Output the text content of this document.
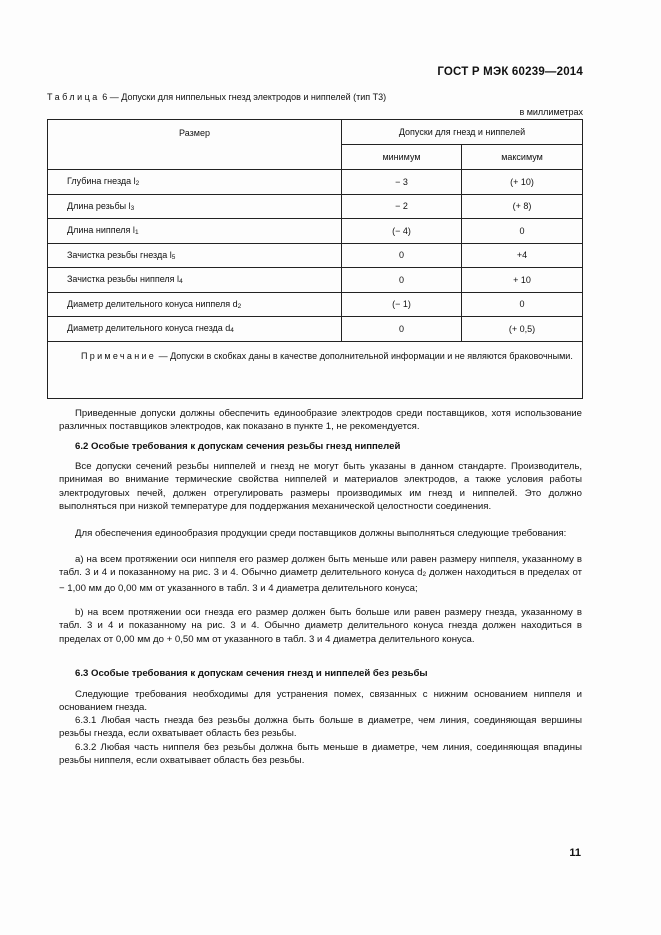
ГОСТ Р МЭК 60239—2014
Таблица 6 — Допуски для ниппельных гнезд электродов и ниппелей (тип T3)
в миллиметрах
Размер	Допуски для гнезд и ниппелей	
	минимум	максимум
Глубина гнезда $l_2$	− 3	(+ 10)
Длина резьбы $l_3$	− 2	(+ 8)
Длина ниппеля $l_1$	(− 4)	0
Зачистка резьбы гнезда $l_5$	0	+4
Зачистка резьбы ниппеля $l_4$	0	+ 10
Диаметр делительного конуса ниппеля $d_2$	(− 1)	0
Диаметр делительного конуса гнезда $d_4$	0	(+ 0,5)
Примечание — Допуски в скобках даны в качестве дополнительной информации и не являются браковочными.		
Приведенные допуски должны обеспечить единообразие электродов среди поставщиков, хотя использование различных поставщиков электродов, как показано в пункте 1, не рекомендуется.
6.2 Особые требования к допускам сечения резьбы гнезд ниппелей
Все допуски сечений резьбы ниппелей и гнезд не могут быть указаны в данном стандарте. Производитель, принимая во внимание термические свойства ниппелей и материалов электродов, а также условия работы электродуговых печей, должен отрегулировать размеры производимых им гнезд и ниппелей. Это должно выполняться при низкой температуре для поддержания механической целостности соединения.
Для обеспечения единообразия продукции среди поставщиков должны выполняться следующие требования:
а) на всем протяжении оси ниппеля его размер должен быть меньше или равен размеру ниппеля, указанному в табл. 3 и 4 и показанному на рис. 3 и 4. Обычно диаметр делительного конуса $d_2$ должен находиться в пределах от − 1,00 мм до 0,00 мм от указанного в табл. 3 и 4 диаметра делительного конуса;
b) на всем протяжении оси гнезда его размер должен быть больше или равен размеру гнезда, указанному в табл. 3 и 4 и показанному на рис. 3 и 4. Обычно диаметр делительного конуса гнезда должен находиться в пределах от 0,00 мм до + 0,50 мм от указанного в табл. 3 и 4 диаметра делительного конуса.
6.3 Особые требования к допускам сечения гнезд и ниппелей без резьбы
Следующие требования необходимы для устранения помех, связанных с нижним основанием ниппеля и основанием гнезда.
6.3.1 Любая часть гнезда без резьбы должна быть больше в диаметре, чем линия, соединяющая вершины резьбы гнезда, если охватывает область без резьбы.
6.3.2 Любая часть ниппеля без резьбы должна быть меньше в диаметре, чем линия, соединяющая впадины резьбы ниппеля, если охватывает область без резьбы.
11
